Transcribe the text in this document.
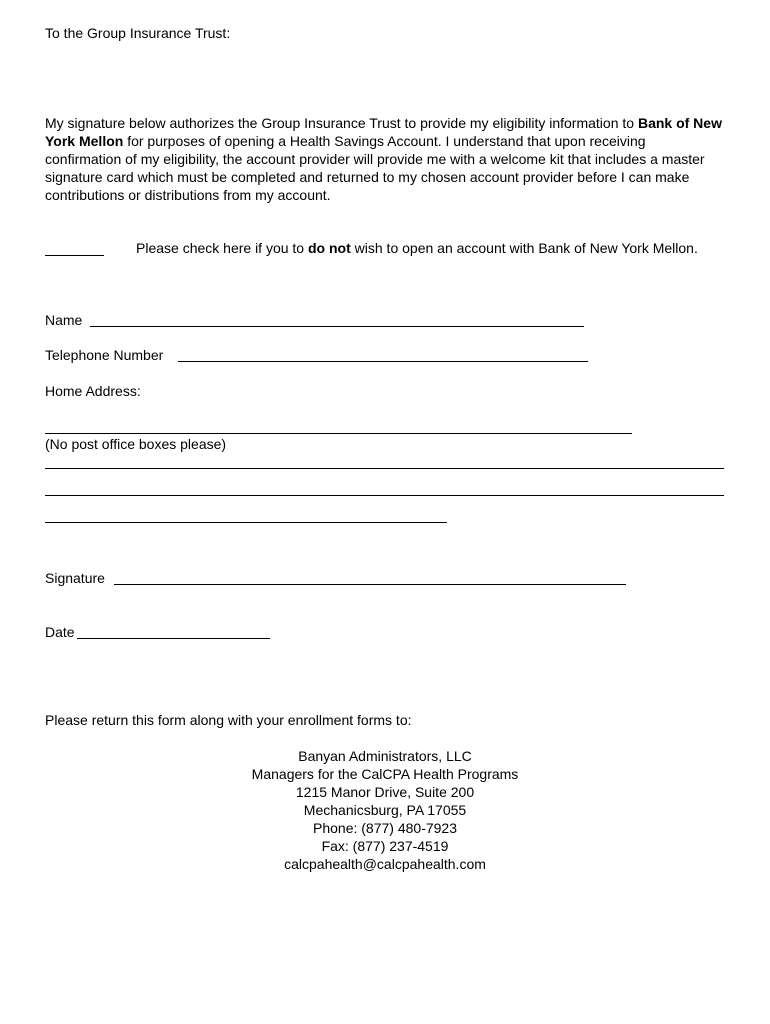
To the Group Insurance Trust:
My signature below authorizes the Group Insurance Trust to provide my eligibility information to Bank of New York Mellon for purposes of opening a Health Savings Account. I understand that upon receiving confirmation of my eligibility, the account provider will provide me with a welcome kit that includes a master signature card which must be completed and returned to my chosen account provider before I can make contributions or distributions from my account.
Please check here if you to do not wish to open an account with Bank of New York Mellon.
Name
Telephone Number
Home Address:
(No post office boxes please)
Signature
Date
Please return this form along with your enrollment forms to:
Banyan Administrators, LLC
Managers for the CalCPA Health Programs
1215 Manor Drive, Suite 200
Mechanicsburg, PA 17055
Phone: (877) 480-7923
Fax: (877) 237-4519
calcpahealth@calcpahealth.com
